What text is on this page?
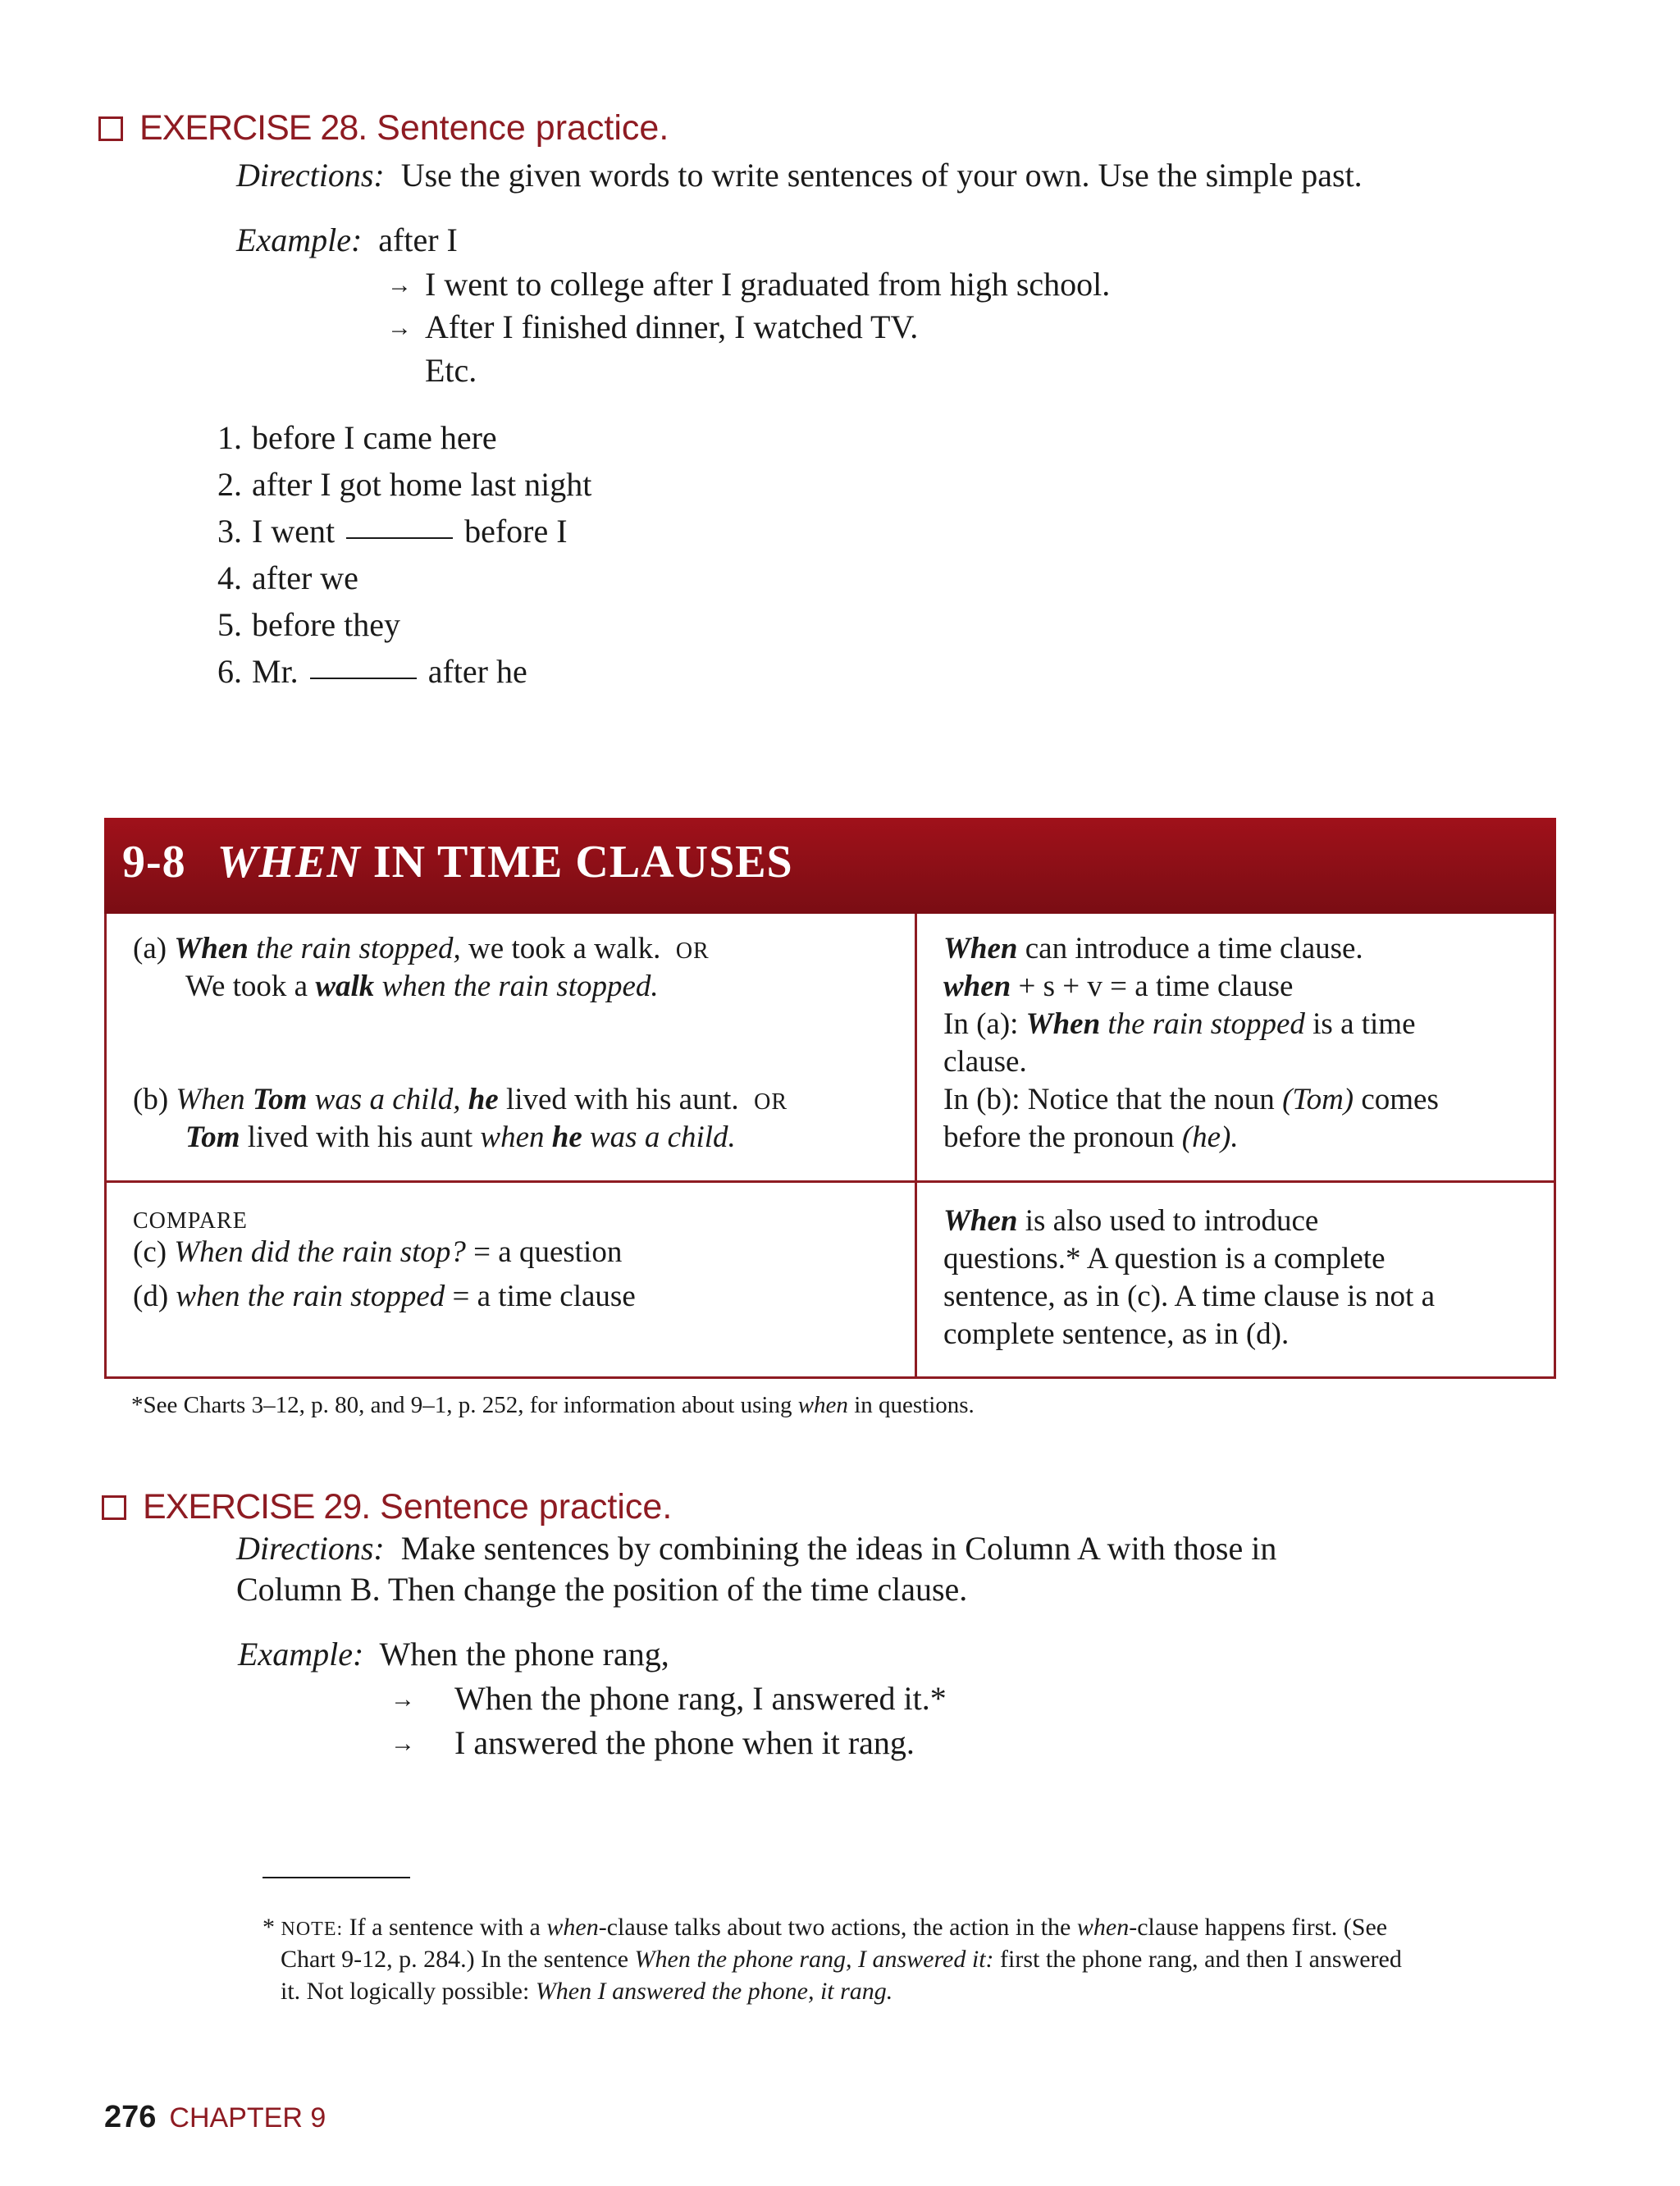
EXERCISE 28. Sentence practice.
Directions: Use the given words to write sentences of your own. Use the simple past.
Example: after I
→ I went to college after I graduated from high school.
→ After I finished dinner, I watched TV.
Etc.
1. before I came here
2. after I got home last night
3. I went	before I
4. after we
5. before they
6. Mr.	after he
9-8 WHEN IN TIME CLAUSES
(a) When the rain stopped, we took a walk. OR
We took a walk when the rain stopped.
(b) When Tom was a child, he lived with his aunt. OR
Tom lived with his aunt when he was a child.
When can introduce a time clause.
when + s + v = a time clause
In (a): When the rain stopped is a time
clause.
In (b): Notice that the noun (Tom) comes
before the pronoun (he).
COMPARE
(c) When did the rain stop? = a question
(d) when the rain stopped = a time clause
When is also used to introduce
questions.* A question is a complete
sentence, as in (c). A time clause is not a
complete sentence, as in (d).
*See Charts 3–12, p. 80, and 9–1, p. 252, for information about using when in questions.
EXERCISE 29. Sentence practice.
Directions: Make sentences by combining the ideas in Column A with those in
Column B. Then change the position of the time clause.
Example: When the phone rang,
→ When the phone rang, I answered it.*
→ I answered the phone when it rang.
* NOTE: If a sentence with a when-clause talks about two actions, the action in the when-clause happens first. (See
Chart 9-12, p. 284.) In the sentence When the phone rang, I answered it: first the phone rang, and then I answered
it. Not logically possible: When I answered the phone, it rang.
276 CHAPTER 9
